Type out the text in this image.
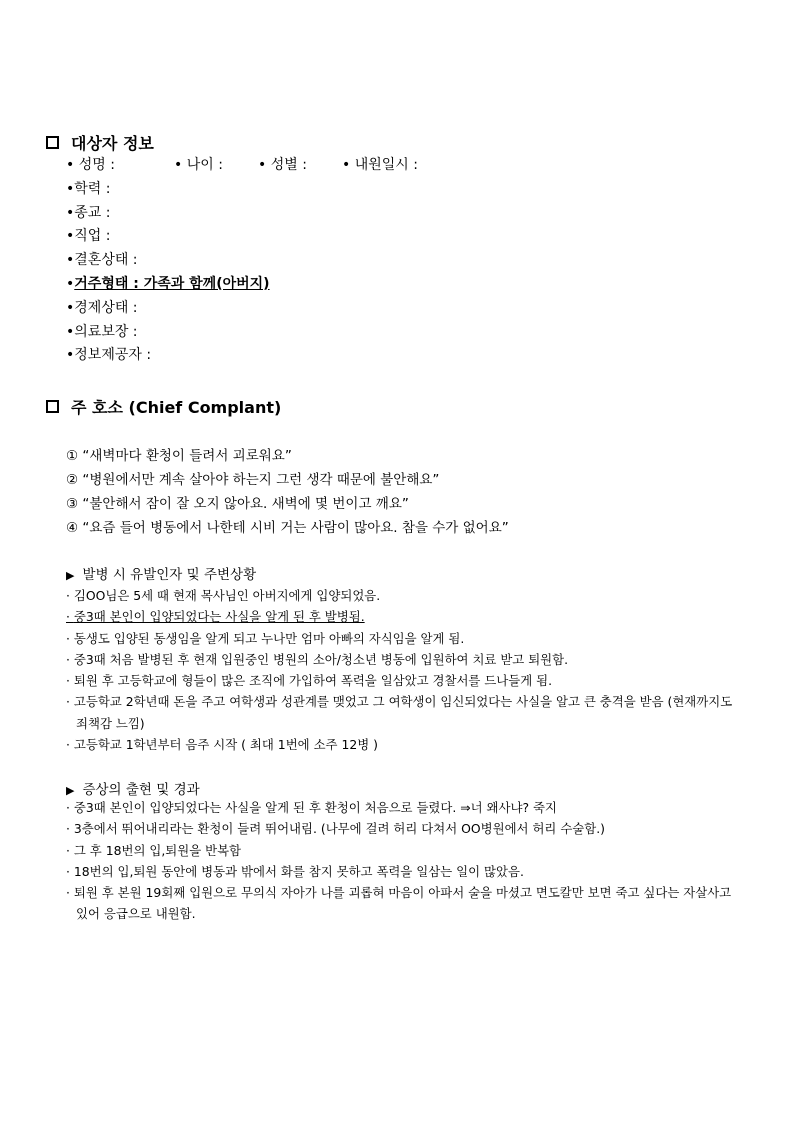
대상자 정보
• 성명 :	• 나이 :	• 성별 :	• 내원일시 :
• 학력 :
• 종교 :
• 직업 :
• 결혼상태 :
•
거주형태 : 가족과 함께(아버지)
• 경제상태 :
• 의료보장 :
• 정보제공자 :
주 호소 (Chief Complant)
① “새벽마다 환청이 들려서 괴로워요”
② “병원에서만 계속 살아야 하는지 그런 생각 때문에 불안해요”
③ “불안해서 잠이 잘 오지 않아요. 새벽에 몇 번이고 깨요”
④ “요즘 들어 병동에서 나한테 시비 거는 사람이 많아요. 참을 수가 없어요”
▶ 발병 시 유발인자 및 주변상황
· 김OO님은 5세 때 현재 목사님인 아버지에게 입양되었음.
· 중3때 본인이 입양되었다는 사실을 알게 된 후 발병됨.
· 동생도 입양된 동생임을 알게 되고 누나만 엄마 아빠의 자식임을 알게 됨.
· 중3때 처음 발병된 후 현재 입원중인 병원의 소아/청소년 병동에 입원하여 치료 받고 퇴원함.
· 퇴원 후 고등학교에 형들이 많은 조직에 가입하여 폭력을 일삼았고 경찰서를 드나들게 됨.
· 고등학교 2학년때 돈을 주고 여학생과 성관계를 맺었고 그 여학생이 임신되었다는 사실을 알고 큰 충격을 받음 (현재까지도 죄책감 느낌)
· 고등학교 1학년부터 음주 시작 ( 최대 1번에 소주 12병 )
▶ 증상의 출현 및 경과
· 중3때 본인이 입양되었다는 사실을 알게 된 후 환청이 처음으로 들렸다. ⇒너 왜사냐? 죽지
· 3층에서 뛰어내리라는 환청이 들려 뛰어내림. (나무에 걸려 허리 다쳐서 OO병원에서 허리 수술함.)
· 그 후 18번의 입,퇴원을 반복함
· 18번의 입,퇴원 동안에 병동과 밖에서 화를 참지 못하고 폭력을 일삼는 일이 많았음.
· 퇴원 후 본원 19회째 입원으로 무의식 자아가 나를 괴롭혀 마음이 아파서 술을 마셨고 면도칼만 보면 죽고 싶다는 자살사고있어 응급으로 내원함.
